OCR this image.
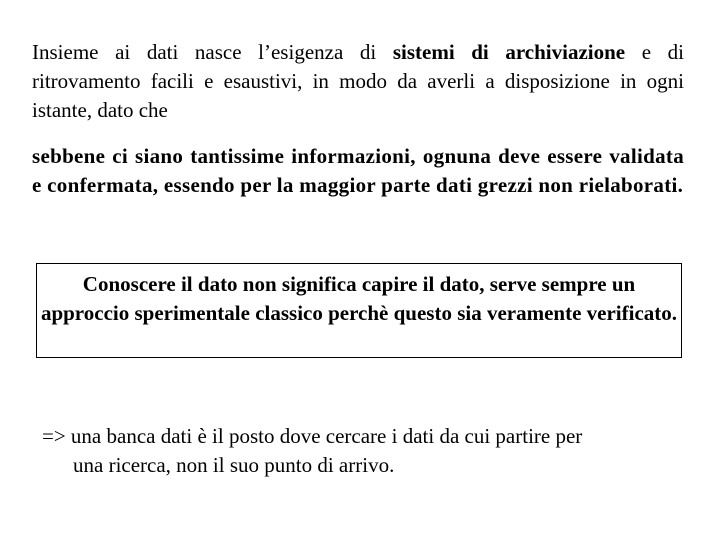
Insieme ai dati nasce l’esigenza di sistemi di archiviazione e di ritrovamento facili e esaustivi, in modo da averli a disposizione in ogni istante, dato che

sebbene ci siano tantissime informazioni, ognuna deve essere validata e confermata, essendo per la maggior parte dati grezzi non rielaborati.

Conoscere il dato non significa capire il dato, serve sempre un approccio sperimentale classico perchè questo sia veramente verificato.

=> una banca dati è il posto dove cercare i dati da cui partire per
una ricerca, non il suo punto di arrivo.
